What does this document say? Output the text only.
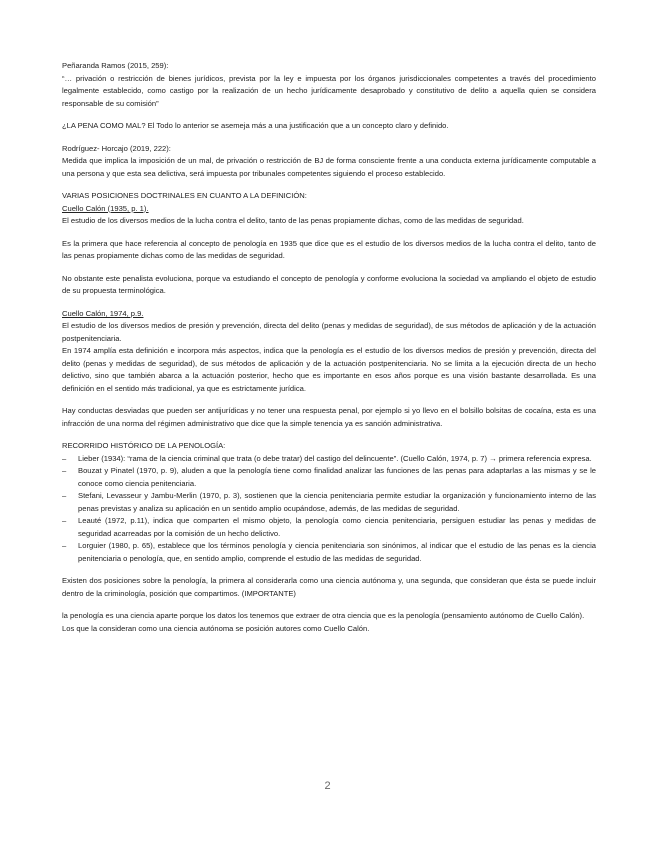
Peñaranda Ramos (2015, 259):

“… privación o restricción de bienes jurídicos, prevista por la ley e impuesta por los órganos jurisdiccionales competentes a través del procedimiento legalmente establecido, como castigo por la realización de un hecho jurídicamente desaprobado y constitutivo de delito a aquella quien se considera responsable de su comisión”

¿LA PENA COMO MAL? El Todo lo anterior se asemeja más a una justificación que a un concepto claro y definido.

Rodríguez- Horcajo (2019, 222):

Medida que implica la imposición de un mal, de privación o restricción de BJ de forma consciente frente a una conducta externa jurídicamente computable a una persona y que esta sea delictiva, será impuesta por tribunales competentes siguiendo el proceso establecido.

VARIAS POSICIONES DOCTRINALES EN CUANTO A LA DEFINICIÓN:

Cuello Calón (1935, p. 1).

El estudio de los diversos medios de la lucha contra el delito, tanto de las penas propiamente dichas, como de las medidas de seguridad.

Es la primera que hace referencia al concepto de penología en 1935 que dice que es el estudio de los diversos medios de la lucha contra el delito, tanto de las penas propiamente dichas como de las medidas de seguridad.

No obstante este penalista evoluciona, porque va estudiando el concepto de penología y conforme evoluciona la sociedad va ampliando el objeto de estudio de su propuesta terminológica.

Cuello Calón, 1974, p.9.

El estudio de los diversos medios de presión y prevención, directa del delito (penas y medidas de seguridad), de sus métodos de aplicación y de la actuación postpenitenciaria.

En 1974 amplía esta definición e incorpora más aspectos, indica que la penología es el estudio de los diversos medios de presión y prevención, directa del delito (penas y medidas de seguridad), de sus métodos de aplicación y de la actuación postpenitenciaria. No se limita a la ejecución directa de un hecho delictivo, sino que también abarca a la actuación posterior, hecho que es importante en esos años porque es una visión bastante desarrollada. Es una definición en el sentido más tradicional, ya que es estrictamente jurídica.

Hay conductas desviadas que pueden ser antijurídicas y no tener una respuesta penal, por ejemplo si yo llevo en el bolsillo bolsitas de cocaína, esta es una infracción de una norma del régimen administrativo que dice que la simple tenencia ya es sanción administrativa.

RECORRIDO HISTÓRICO DE LA PENOLOGÍA:

– Lieber (1934): “rama de la ciencia criminal que trata (o debe tratar) del castigo del delincuente”. (Cuello Calón, 1974, p. 7) → primera referencia expresa.
– Bouzat y Pinatel (1970, p. 9), aluden a que la penología tiene como finalidad analizar las funciones de las penas para adaptarlas a las mismas y se le conoce como ciencia penitenciaria.
– Stefani, Levasseur y Jambu-Merlin (1970, p. 3), sostienen que la ciencia penitenciaria permite estudiar la organización y funcionamiento interno de las penas previstas y analiza su aplicación en un sentido amplio ocupándose, además, de las medidas de seguridad.
– Leauté (1972, p.11), indica que comparten el mismo objeto, la penología como ciencia penitenciaria, persiguen estudiar las penas y medidas de seguridad acarreadas por la comisión de un hecho delictivo.
– Lorguier (1980, p. 65), establece que los términos penología y ciencia penitenciaria son sinónimos, al indicar que el estudio de las penas es la ciencia penitenciaria o penología, que, en sentido amplio, comprende el estudio de las medidas de seguridad.

Existen dos posiciones sobre la penología, la primera al considerarla como una ciencia autónoma y, una segunda, que consideran que ésta se puede incluir dentro de la criminología, posición que compartimos. (IMPORTANTE)

la penología es una ciencia aparte porque los datos los tenemos que extraer de otra ciencia que es la penología (pensamiento autónomo de Cuello Calón).

Los que la consideran como una ciencia autónoma se posición autores como Cuello Calón.

2
